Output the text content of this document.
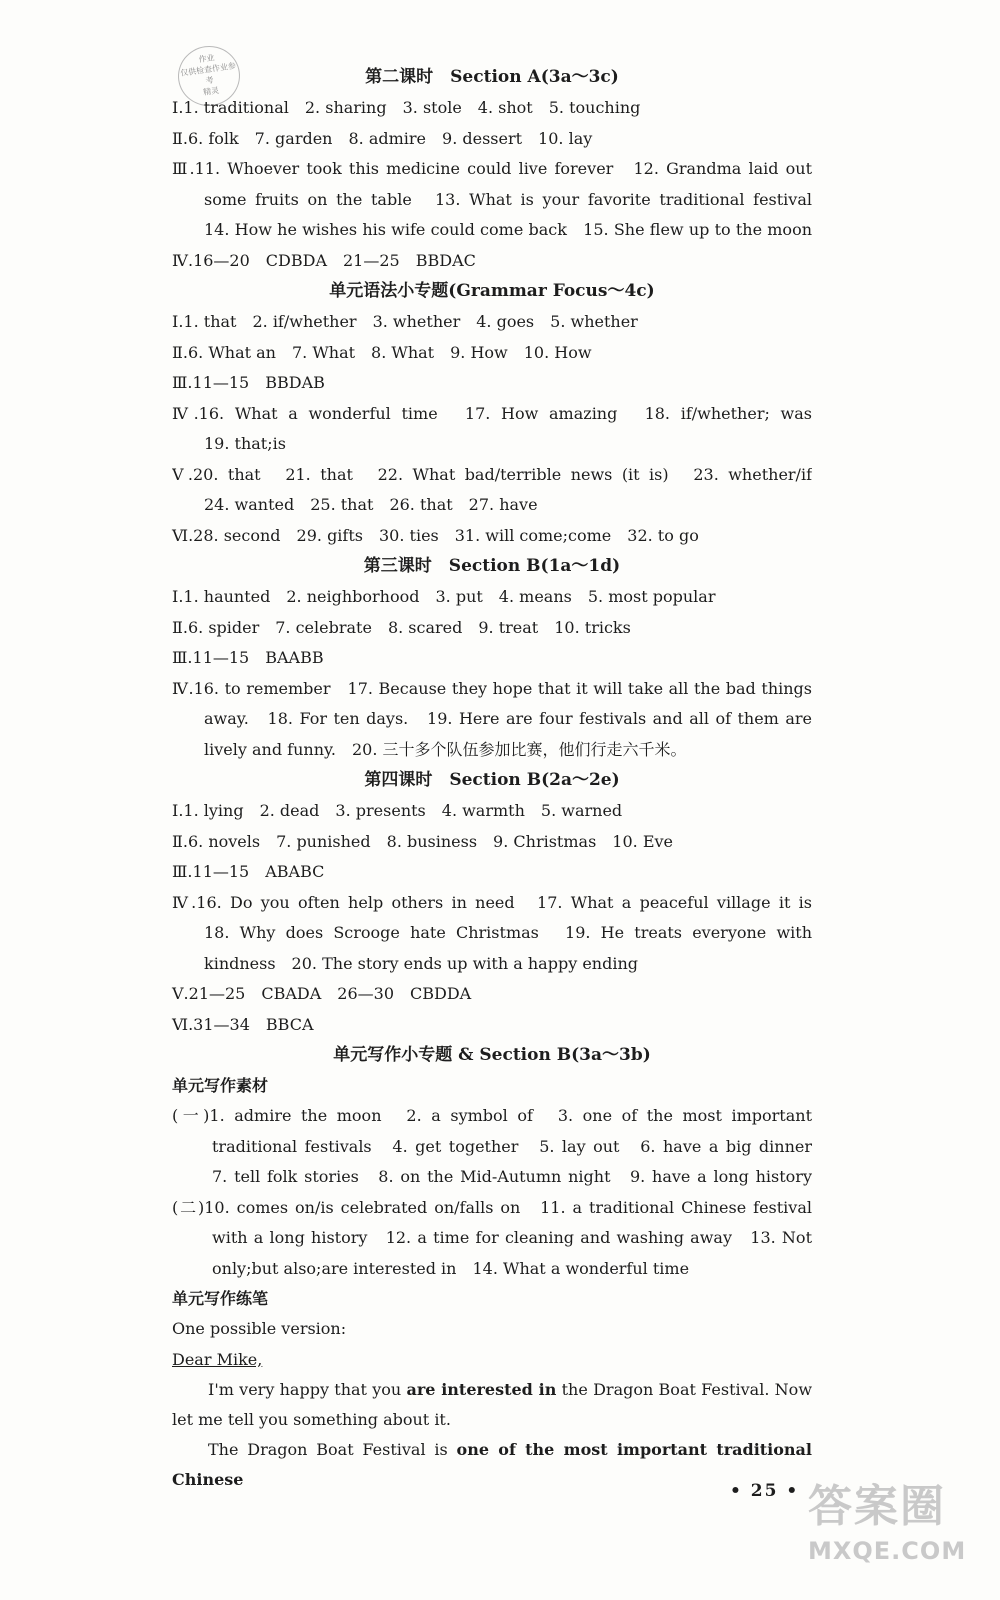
作业
仅供检查作业参考
精灵
第二课时　Section A(3a～3c)
Ⅰ.1. traditional　2. sharing　3. stole　4. shot　5. touching
Ⅱ.6. folk　7. garden　8. admire　9. dessert　10. lay
Ⅲ.11. Whoever took this medicine could live forever　12. Grandma laid out
some fruits on the table　13. What is your favorite traditional festival
14. How he wishes his wife could come back　15. She flew up to the moon
Ⅳ.16—20　CDBDA　21—25　BBDAC
单元语法小专题(Grammar Focus～4c)
Ⅰ.1. that　2. if/whether　3. whether　4. goes　5. whether
Ⅱ.6. What an　7. What　8. What　9. How　10. How
Ⅲ.11—15　BBDAB
Ⅳ.16. What a wonderful time　17. How amazing　18. if/whether; was
19. that;is
Ⅴ.20. that　21. that　22. What bad/terrible news (it is)　23. whether/if
24. wanted　25. that　26. that　27. have
Ⅵ.28. second　29. gifts　30. ties　31. will come;come　32. to go
第三课时　Section B(1a～1d)
Ⅰ.1. haunted　2. neighborhood　3. put　4. means　5. most popular
Ⅱ.6. spider　7. celebrate　8. scared　9. treat　10. tricks
Ⅲ.11—15　BAABB
Ⅳ.16. to remember　17. Because they hope that it will take all the bad things
away.　18. For ten days.　19. Here are four festivals and all of them are
lively and funny.　20. 三十多个队伍参加比赛，他们行走六千米。
第四课时　Section B(2a～2e)
Ⅰ.1. lying　2. dead　3. presents　4. warmth　5. warned
Ⅱ.6. novels　7. punished　8. business　9. Christmas　10. Eve
Ⅲ.11—15　ABABC
Ⅳ.16. Do you often help others in need　17. What a peaceful village it is
18. Why does Scrooge hate Christmas　19. He treats everyone with
kindness　20. The story ends up with a happy ending
Ⅴ.21—25　CBADA　26—30　CBDDA
Ⅵ.31—34　BBCA
单元写作小专题 & Section B(3a～3b)
单元写作素材
(一)1. admire the moon　2. a symbol of　3. one of the most important
traditional festivals　4. get together　5. lay out　6. have a big dinner
7. tell folk stories　8. on the Mid-Autumn night　9. have a long history
(二)10. comes on/is celebrated on/falls on　11. a traditional Chinese festival
with a long history　12. a time for cleaning and washing away　13. Not
only;but also;are interested in　14. What a wonderful time
单元写作练笔
One possible version:
Dear Mike,
I'm very happy that you are interested in the Dragon Boat Festival. Now let me tell you something about it.
The Dragon Boat Festival is one of the most important traditional Chinese
• 25 • 答案圈
MXQE.COM
